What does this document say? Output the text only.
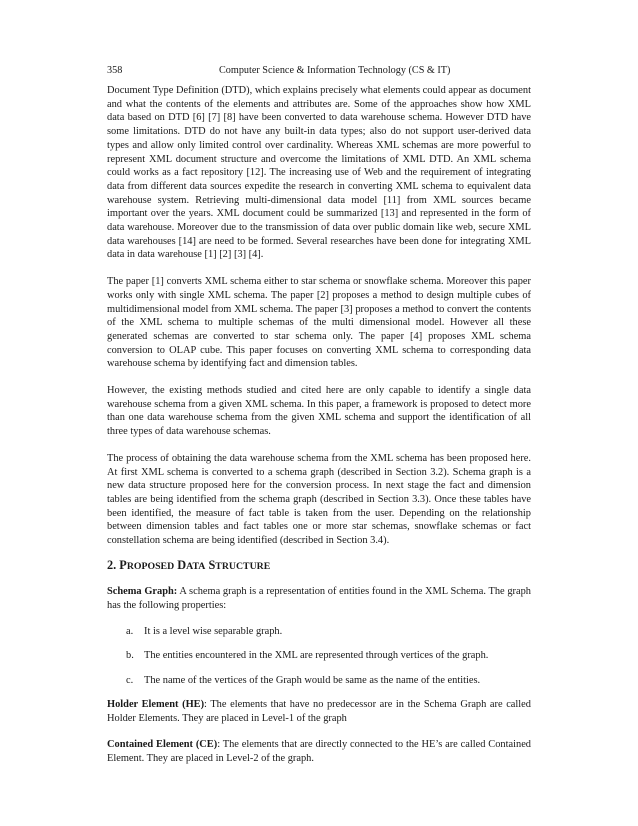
358	Computer Science & Information Technology (CS & IT)

Document Type Definition (DTD), which explains precisely what elements could appear as document and what the contents of the elements and attributes are. Some of the approaches show how XML data based on DTD [6] [7] [8] have been converted to data warehouse schema. However DTD have some limitations. DTD do not have any built-in data types; also do not support user-derived data types and allow only limited control over cardinality. Whereas XML schemas are more powerful to represent XML document structure and overcome the limitations of XML DTD. An XML schema could works as a fact repository [12]. The increasing use of Web and the requirement of integrating data from different data sources expedite the research in converting XML schema to equivalent data warehouse system. Retrieving multi-dimensional data model [11] from XML sources became important over the years. XML document could be summarized [13] and represented in the form of data warehouse. Moreover due to the transmission of data over public domain like web, secure XML data warehouses [14] are need to be formed. Several researches have been done for integrating XML data in data warehouse [1] [2] [3] [4].

The paper [1] converts XML schema either to star schema or snowflake schema. Moreover this paper works only with single XML schema. The paper [2] proposes a method to design multiple cubes of multidimensional model from XML schema. The paper [3] proposes a method to convert the contents of the XML schema to multiple schemas of the multi dimensional model. However all these generated schemas are converted to star schema only. The paper [4] proposes XML schema conversion to OLAP cube. This paper focuses on converting XML schema to corresponding data warehouse schema by identifying fact and dimension tables.

However, the existing methods studied and cited here are only capable to identify a single data warehouse schema from a given XML schema. In this paper, a framework is proposed to detect more than one data warehouse schema from the given XML schema and support the identification of all three types of data warehouse schemas.

The process of obtaining the data warehouse schema from the XML schema has been proposed here. At first XML schema is converted to a schema graph (described in Section 3.2). Schema graph is a new data structure proposed here for the conversion process. In next stage the fact and dimension tables are being identified from the schema graph (described in Section 3.3). Once these tables have been identified, the measure of fact table is taken from the user. Depending on the relationship between dimension tables and fact tables one or more star schemas, snowflake schemas or fact constellation schema are being identified (described in Section 3.4).

2. PROPOSED DATA STRUCTURE

Schema Graph: A schema graph is a representation of entities found in the XML Schema. The graph has the following properties:

a.	It is a level wise separable graph.
b. The entities encountered in the XML are represented through vertices of the graph.
c.	The name of the vertices of the Graph would be same as the name of the entities.

Holder Element (HE): The elements that have no predecessor are in the Schema Graph are called Holder Elements. They are placed in Level-1 of the graph

Contained Element (CE): The elements that are directly connected to the HE’s are called Contained Element. They are placed in Level-2 of the graph.
